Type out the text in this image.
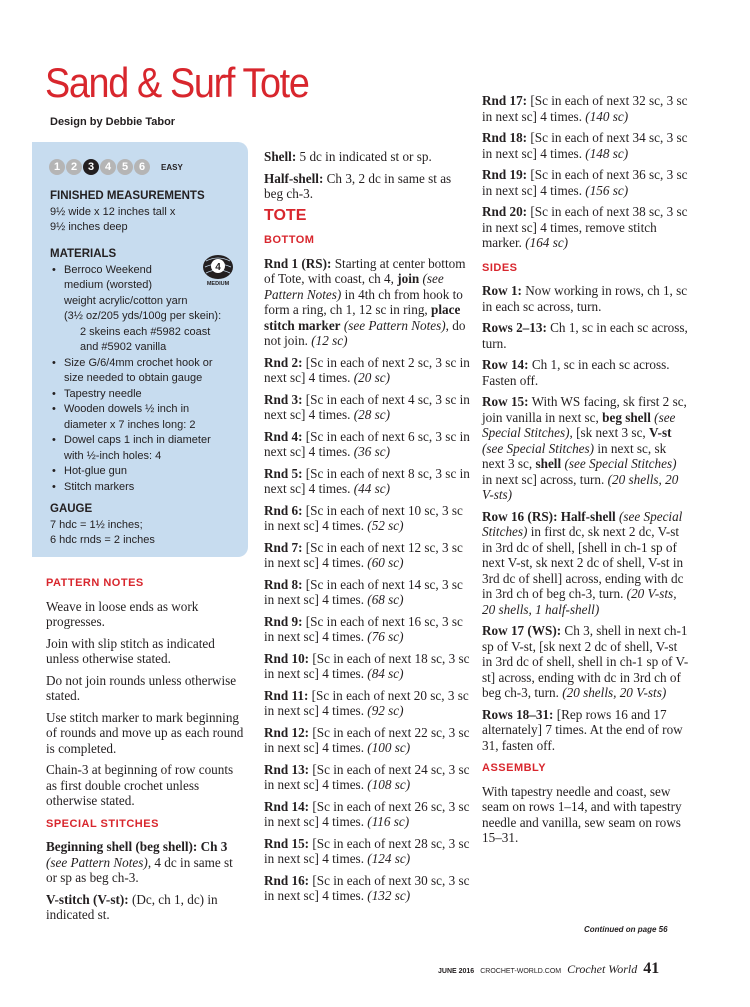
Sand & Surf Tote
Design by Debbie Tabor
1 2 3 4 5 6	EASY
FINISHED MEASUREMENTS
9½ wide x 12 inches tall x
9½ inches deep
MATERIALS
• Berroco Weekend
medium (worsted)
weight acrylic/cotton yarn
(3½ oz/205 yds/100g per skein):
2 skeins each #5982 coast
and #5902 vanilla
• Size G/6/4mm crochet hook or
size needed to obtain gauge
• Tapestry needle
• Wooden dowels ½ inch in
diameter x 7 inches long: 2
• Dowel caps 1 inch in diameter
with ½-inch holes: 4
• Hot-glue gun
• Stitch markers
4
MEDIUM
GAUGE
7 hdc = 1½ inches;
6 hdc rnds = 2 inches
PATTERN NOTES

Weave in loose ends as work progresses.

Join with slip stitch as indicated unless otherwise stated.

Do not join rounds unless otherwise stated.

Use stitch marker to mark beginning of rounds and move up as each round is completed.

Chain-3 at beginning of row counts as first double crochet unless otherwise stated.

SPECIAL STITCHES

Beginning shell (beg shell): Ch 3 (see Pattern Notes), 4 dc in same st or sp as beg ch-3.

V-stitch (V-st): (Dc, ch 1, dc) in indicated st.

Shell: 5 dc in indicated st or sp.

Half-shell: Ch 3, 2 dc in same st as beg ch-3.

TOTE
BOTTOM

Rnd 1 (RS): Starting at center bottom of Tote, with coast, ch 4, join (see Pattern Notes) in 4th ch from hook to form a ring, ch 1, 12 sc in ring, place stitch marker (see Pattern Notes), do not join. (12 sc)

Rnd 2: [Sc in each of next 2 sc, 3 sc in next sc] 4 times. (20 sc)

Rnd 3: [Sc in each of next 4 sc, 3 sc in next sc] 4 times. (28 sc)

Rnd 4: [Sc in each of next 6 sc, 3 sc in next sc] 4 times. (36 sc)

Rnd 5: [Sc in each of next 8 sc, 3 sc in next sc] 4 times. (44 sc)

Rnd 6: [Sc in each of next 10 sc, 3 sc in next sc] 4 times. (52 sc)

Rnd 7: [Sc in each of next 12 sc, 3 sc in next sc] 4 times. (60 sc)

Rnd 8: [Sc in each of next 14 sc, 3 sc in next sc] 4 times. (68 sc)

Rnd 9: [Sc in each of next 16 sc, 3 sc in next sc] 4 times. (76 sc)

Rnd 10: [Sc in each of next 18 sc, 3 sc in next sc] 4 times. (84 sc)

Rnd 11: [Sc in each of next 20 sc, 3 sc in next sc] 4 times. (92 sc)

Rnd 12: [Sc in each of next 22 sc, 3 sc in next sc] 4 times. (100 sc)

Rnd 13: [Sc in each of next 24 sc, 3 sc in next sc] 4 times. (108 sc)

Rnd 14: [Sc in each of next 26 sc, 3 sc in next sc] 4 times. (116 sc)

Rnd 15: [Sc in each of next 28 sc, 3 sc in next sc] 4 times. (124 sc)

Rnd 16: [Sc in each of next 30 sc, 3 sc in next sc] 4 times. (132 sc)

Rnd 17: [Sc in each of next 32 sc, 3 sc in next sc] 4 times. (140 sc)

Rnd 18: [Sc in each of next 34 sc, 3 sc in next sc] 4 times. (148 sc)

Rnd 19: [Sc in each of next 36 sc, 3 sc in next sc] 4 times. (156 sc)

Rnd 20: [Sc in each of next 38 sc, 3 sc in next sc] 4 times, remove stitch marker. (164 sc)

SIDES

Row 1: Now working in rows, ch 1, sc in each sc across, turn.

Rows 2–13: Ch 1, sc in each sc across, turn.

Row 14: Ch 1, sc in each sc across. Fasten off.

Row 15: With WS facing, sk first 2 sc, join vanilla in next sc, beg shell (see Special Stitches), [sk next 3 sc, V-st (see Special Stitches) in next sc, sk next 3 sc, shell (see Special Stitches) in next sc] across, turn. (20 shells, 20 V-sts)

Row 16 (RS): Half-shell (see Special Stitches) in first dc, sk next 2 dc, V-st in 3rd dc of shell, [shell in ch-1 sp of next V-st, sk next 2 dc of shell, V-st in 3rd dc of shell] across, ending with dc in 3rd ch of beg ch-3, turn. (20 V-sts, 20 shells, 1 half-shell)

Row 17 (WS): Ch 3, shell in next ch-1 sp of V-st, [sk next 2 dc of shell, V-st in 3rd dc of shell, shell in ch-1 sp of V-st] across, ending with dc in 3rd ch of beg ch-3, turn. (20 shells, 20 V-sts)

Rows 18–31: [Rep rows 16 and 17 alternately] 7 times. At the end of row 31, fasten off.

ASSEMBLY

With tapestry needle and coast, sew seam on rows 1–14, and with tapestry needle and vanilla, sew seam on rows 15–31.

Continued on page 56
JUNE 2016 CROCHET-WORLD.COM Crochet World 41
